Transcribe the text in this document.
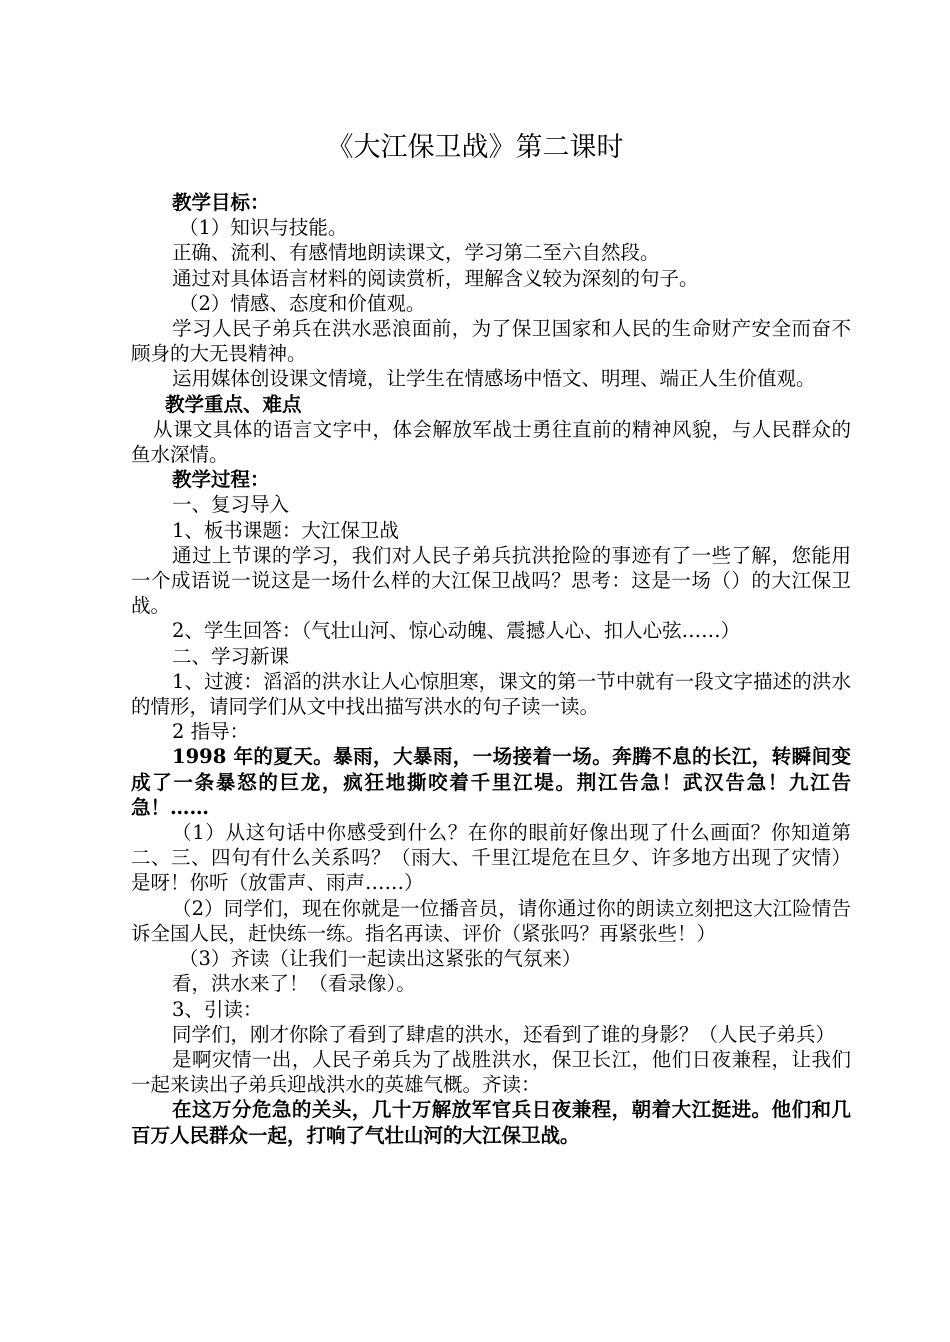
《大江保卫战》第二课时

教学目标：

（1）知识与技能。

正确、流利、有感情地朗读课文，学习第二至六自然段。

通过对具体语言材料的阅读赏析，理解含义较为深刻的句子。

（2）情感、态度和价值观。

学习人民子弟兵在洪水恶浪面前，为了保卫国家和人民的生命财产安全而奋不顾身的大无畏精神。

运用媒体创设课文情境，让学生在情感场中悟文、明理、端正人生价值观。

教学重点、难点

从课文具体的语言文字中，体会解放军战士勇往直前的精神风貌，与人民群众的鱼水深情。

教学过程：

一、复习导入

1、板书课题：大江保卫战

通过上节课的学习，我们对人民子弟兵抗洪抢险的事迹有了一些了解，您能用一个成语说一说这是一场什么样的大江保卫战吗？思考：这是一场（）的大江保卫战。

2、学生回答：（气壮山河、惊心动魄、震撼人心、扣人心弦……）

二、学习新课

1、过渡：滔滔的洪水让人心惊胆寒，课文的第一节中就有一段文字描述的洪水的情形，请同学们从文中找出描写洪水的句子读一读。

2 指导：

1998 年的夏天。暴雨，大暴雨，一场接着一场。奔腾不息的长江，转瞬间变成了一条暴怒的巨龙，疯狂地撕咬着千里江堤。荆江告急！武汉告急！九江告急！……

（1）从这句话中你感受到什么？在你的眼前好像出现了什么画面？你知道第二、三、四句有什么关系吗？（雨大、千里江堤危在旦夕、许多地方出现了灾情）是呀！你听（放雷声、雨声……）

（2）同学们，现在你就是一位播音员，请你通过你的朗读立刻把这大江险情告诉全国人民，赶快练一练。指名再读、评价（紧张吗？再紧张些！）

（3）齐读（让我们一起读出这紧张的气氛来）

看，洪水来了！（看录像）。

3、引读：

同学们，刚才你除了看到了肆虐的洪水，还看到了谁的身影？（人民子弟兵）

是啊灾情一出，人民子弟兵为了战胜洪水，保卫长江，他们日夜兼程，让我们一起来读出子弟兵迎战洪水的英雄气概。齐读：

在这万分危急的关头，几十万解放军官兵日夜兼程，朝着大江挺进。他们和几百万人民群众一起，打响了气壮山河的大江保卫战。
